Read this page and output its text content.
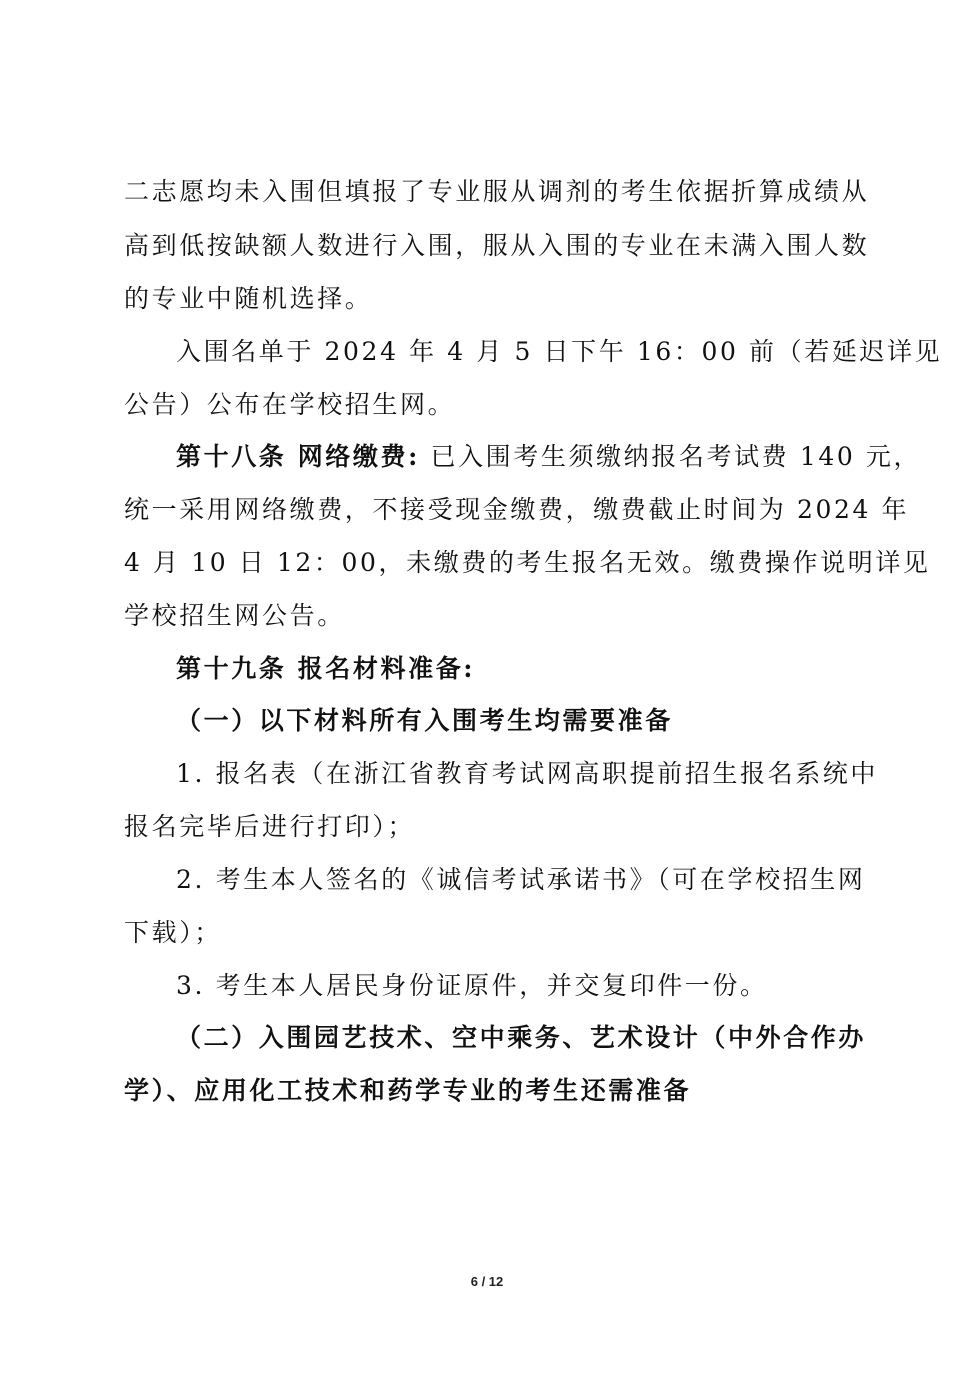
二志愿均未入围但填报了专业服从调剂的考生依据折算成绩从
高到低按缺额人数进行入围，服从入围的专业在未满入围人数
的专业中随机选择。
入围名单于 2024 年 4 月 5 日下午 16：00 前（若延迟详见
公告）公布在学校招生网。
第十八条 网络缴费: 已入围考生须缴纳报名考试费 140 元，
统一采用网络缴费，不接受现金缴费，缴费截止时间为 2024 年
4 月 10 日 12：00，未缴费的考生报名无效。缴费操作说明详见
学校招生网公告。
第十九条 报名材料准备:
（一）以下材料所有入围考生均需要准备
1. 报名表（在浙江省教育考试网高职提前招生报名系统中
报名完毕后进行打印）；
2. 考生本人签名的《诚信考试承诺书》（可在学校招生网
下载）；
3. 考生本人居民身份证原件，并交复印件一份。
（二）入围园艺技术、空中乘务、艺术设计（中外合作办
学）、应用化工技术和药学专业的考生还需准备
6 / 12
